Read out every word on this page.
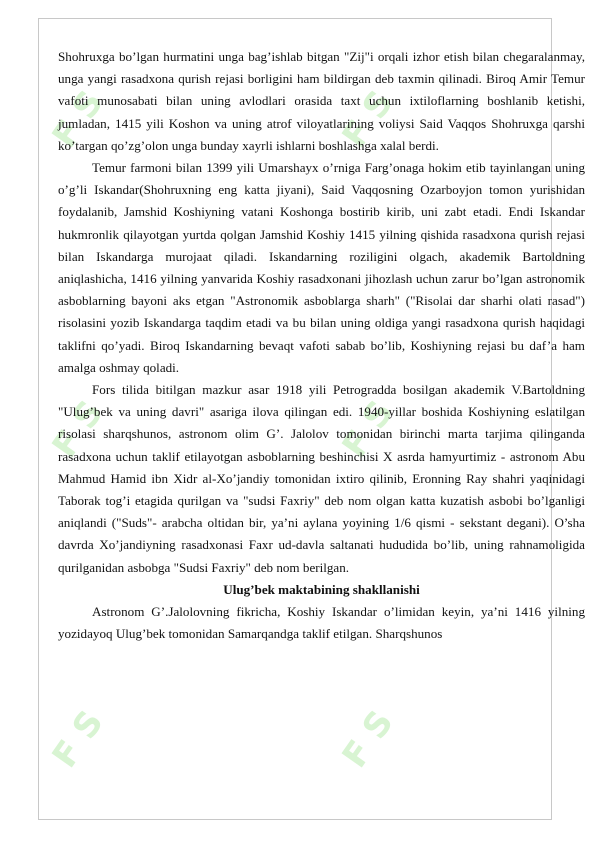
F S	F S
F S	F S
F S	F S

Shohruxga bo’lgan hurmatini unga bag’ishlab bitgan "Zij"i orqali izhor etish bilan chegaralanmay, unga yangi rasadxona qurish rejasi borligini ham bildirgan deb taxmin qilinadi. Biroq Amir Temur vafoti munosabati bilan uning avlodlari orasida taxt uchun ixtiloflarning boshlanib ketishi, jumladan, 1415 yili Koshon va uning atrof viloyatlarining voliysi Said Vaqqos Shohruxga qarshi ko’targan qo’zg’olon unga bunday xayrli ishlarni boshlashga xalal berdi.

Temur farmoni bilan 1399 yili Umarshayx o’rniga Farg’onaga hokim etib tayinlangan uning o’g’li Iskandar(Shohruxning eng katta jiyani), Said Vaqqosning Ozarboyjon tomon yurishidan foydalanib, Jamshid Koshiyning vatani Koshonga bostirib kirib, uni zabt etadi. Endi Iskandar hukmronlik qilayotgan yurtda qolgan Jamshid Koshiy 1415 yilning qishida rasadxona qurish rejasi bilan Iskandarga murojaat qiladi. Iskandarning roziligini olgach, akademik Bartoldning aniqlashicha, 1416 yilning yanvarida Koshiy rasadxonani jihozlash uchun zarur bo’lgan astronomik asboblarning bayoni aks etgan "Astronomik asboblarga sharh" ("Risolai dar sharhi olati rasad") risolasini yozib Iskandarga taqdim etadi va bu bilan uning oldiga yangi rasadxona qurish haqidagi taklifni qo’yadi. Biroq Iskandarning bevaqt vafoti sabab bo’lib, Koshiyning rejasi bu daf’a ham amalga oshmay qoladi.

Fors tilida bitilgan mazkur asar 1918 yili Petrogradda bosilgan akademik V.Bartoldning "Ulug’bek va uning davri" asariga ilova qilingan edi. 1940-yillar boshida Koshiyning eslatilgan risolasi sharqshunos, astronom olim G’. Jalolov tomonidan birinchi marta tarjima qilinganda rasadxona uchun taklif etilayotgan asboblarning beshinchisi X asrda hamyurtimiz - astronom Abu Mahmud Hamid ibn Xidr al-Xo’jandiy tomonidan ixtiro qilinib, Eronning Ray shahri yaqinidagi Taborak tog’i etagida qurilgan va "sudsi Faxriy" deb nom olgan katta kuzatish asbobi bo’lganligi aniqlandi ("Suds"- arabcha oltidan bir, ya’ni aylana yoyining 1/6 qismi - sekstant degani). O’sha davrda Xo’jandiyning rasadxonasi Faxr ud-davla saltanati hududida bo’lib, uning rahnamoligida qurilganidan asbobga "Sudsi Faxriy" deb nom berilgan.

Ulug’bek maktabining shakllanishi

Astronom G’.Jalolovning fikricha, Koshiy Iskandar o’limidan keyin, ya’ni 1416 yilning yozidayoq Ulug’bek tomonidan Samarqandga taklif etilgan. Sharqshunos
